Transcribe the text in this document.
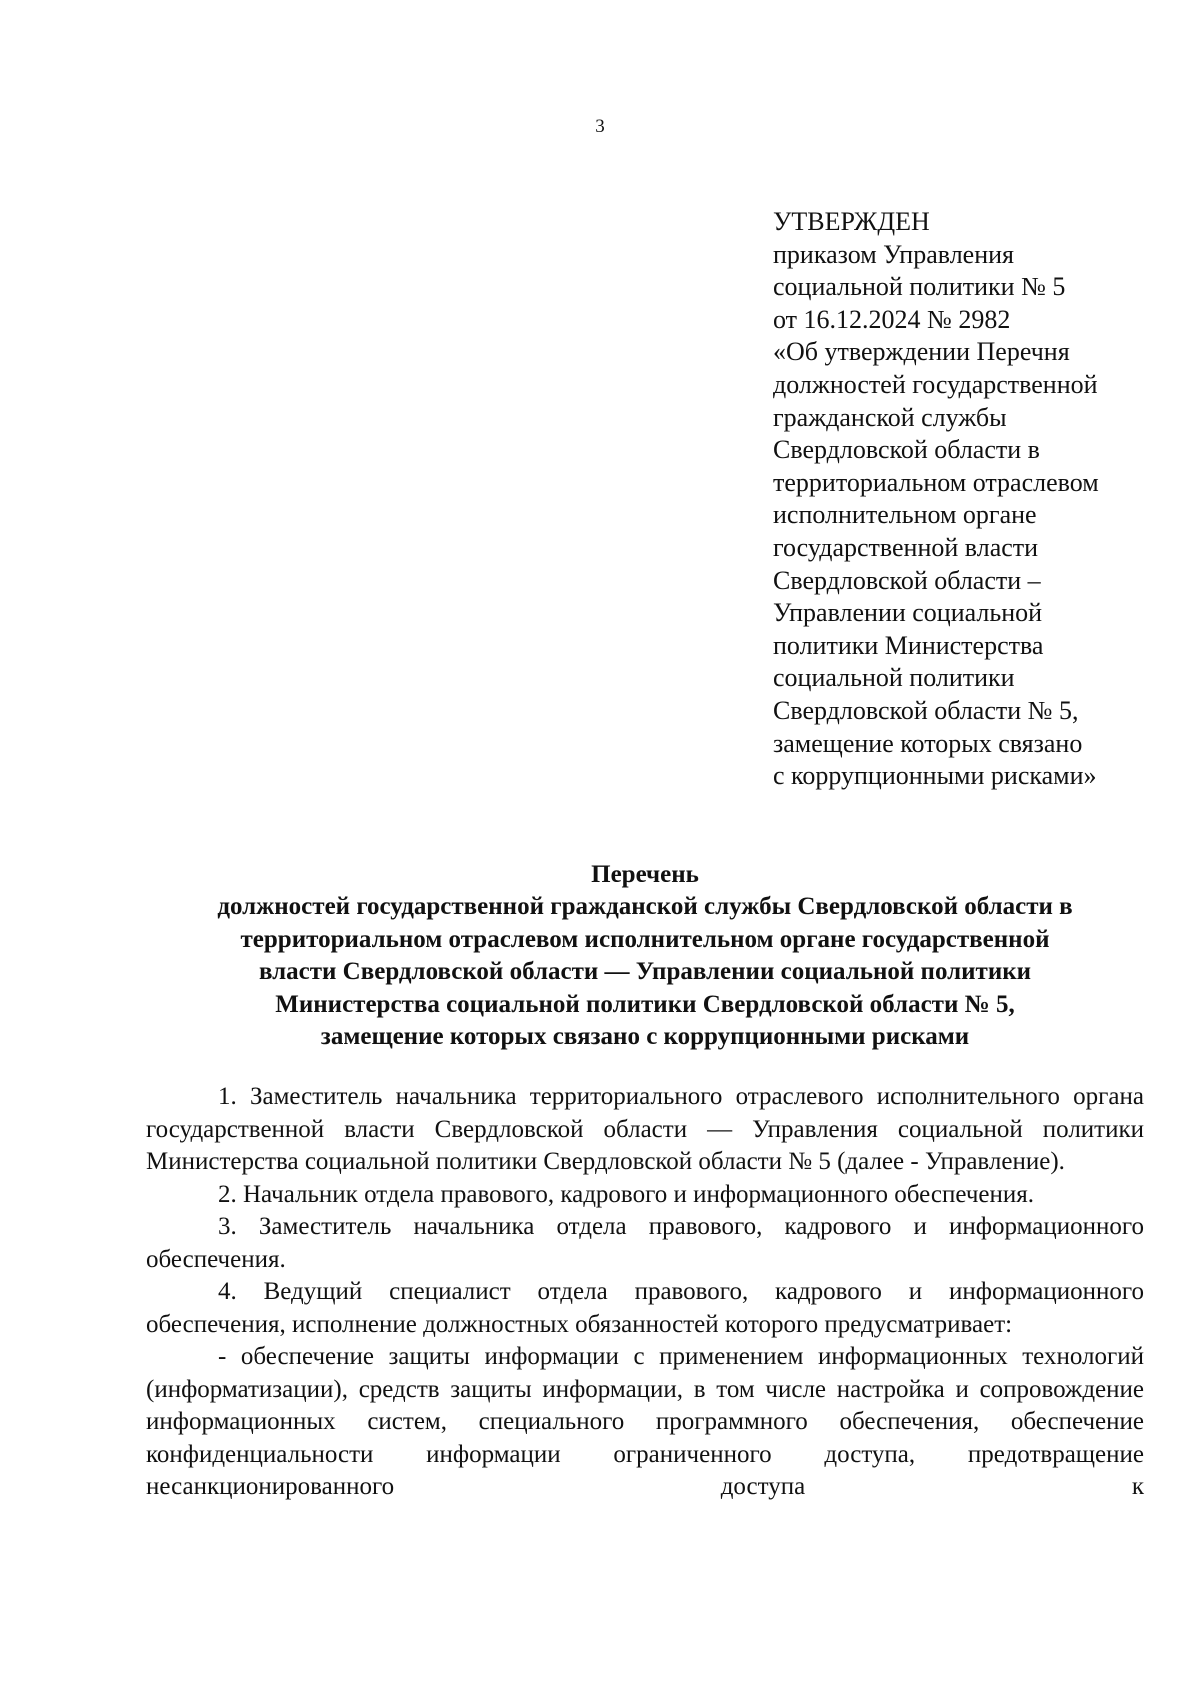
3
УТВЕРЖДЕН
приказом Управления
социальной политики № 5
от 16.12.2024 № 2982
«Об утверждении Перечня
должностей государственной
гражданской службы
Свердловской области в
территориальном отраслевом
исполнительном органе
государственной власти
Свердловской области –
Управлении социальной
политики Министерства
социальной политики
Свердловской области № 5,
замещение которых связано
с коррупционными рисками»
Перечень
должностей государственной гражданской службы Свердловской области в
территориальном отраслевом исполнительном органе государственной
власти Свердловской области — Управлении социальной политики
Министерства социальной политики Свердловской области № 5,
замещение которых связано с коррупционными рисками

1. Заместитель начальника территориального отраслевого исполнительного органа государственной власти Свердловской области — Управления социальной политики Министерства социальной политики Свердловской области № 5 (далее - Управление).

2. Начальник отдела правового, кадрового и информационного обеспечения.

3. Заместитель начальника отдела правового, кадрового и информационного обеспечения.

4. Ведущий специалист отдела правового, кадрового и информационного обеспечения, исполнение должностных обязанностей которого предусматривает:

- обеспечение защиты информации с применением информационных технологий (информатизации), средств защиты информации, в том числе настройка и сопровождение информационных систем, специального программного обеспечения, обеспечение конфиденциальности информации ограниченного доступа, предотвращение несанкционированного доступа к
